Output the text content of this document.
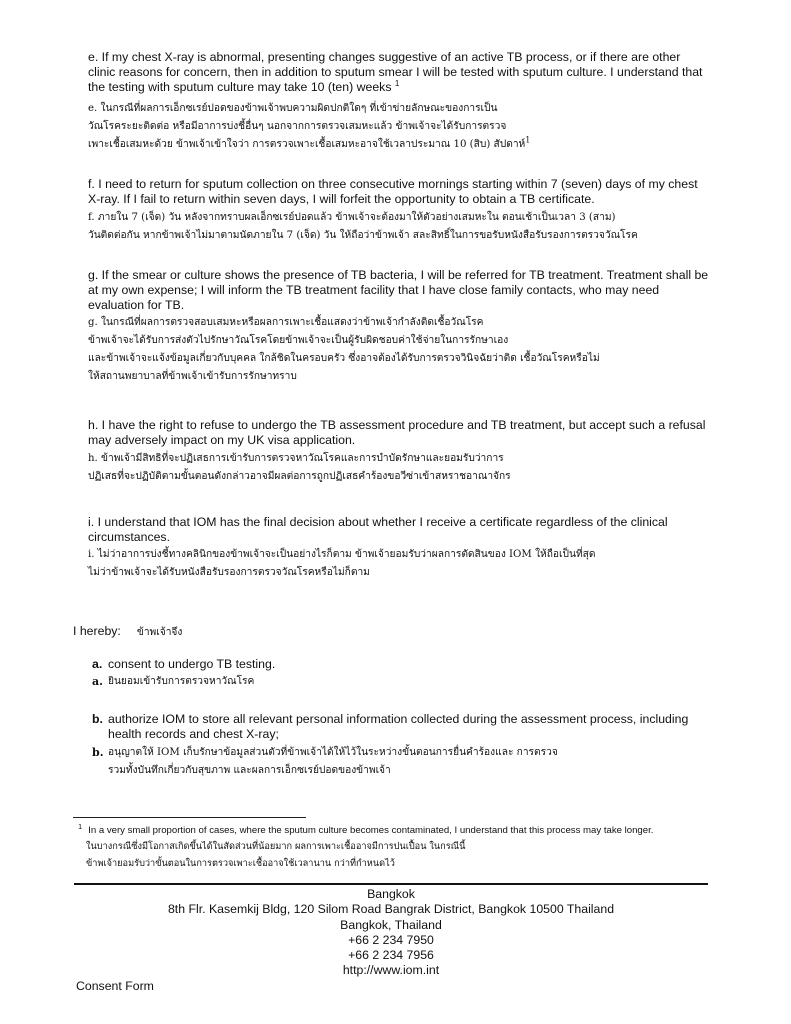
e. If my chest X-ray is abnormal, presenting changes suggestive of an active TB process, or if there are other clinic reasons for concern, then in addition to sputum smear I will be tested with sputum culture. I understand that the testing with sputum culture may take 10 (ten) weeks $^1$
e. ในกรณีที่ผลการเอ็กซเรย์ปอดของข้าพเจ้าพบความผิดปกติใดๆ ที่เข้าข่ายลักษณะของการเป็น
วัณโรคระยะติดต่อ หรือมีอาการบ่งชี้อื่นๆ นอกจากการตรวจเสมหะแล้ว ข้าพเจ้าจะได้รับการตรวจ
เพาะเชื้อเสมหะด้วย ข้าพเจ้าเข้าใจว่า การตรวจเพาะเชื้อเสมหะอาจใช้เวลาประมาณ 10 (สิบ) สัปดาห์$^1$
f. I need to return for sputum collection on three consecutive mornings starting within 7 (seven) days of my chest X-ray. If I fail to return within seven days, I will forfeit the opportunity to obtain a TB certificate.
f. ภายใน 7 (เจ็ด) วัน หลังจากทราบผลเอ็กซเรย์ปอดแล้ว ข้าพเจ้าจะต้องมาให้ตัวอย่างเสมหะใน ตอนเช้าเป็นเวลา 3 (สาม)
วันติดต่อกัน หากข้าพเจ้าไม่มาตามนัดภายใน 7 (เจ็ด) วัน ให้ถือว่าข้าพเจ้า สละสิทธิ์ในการขอรับหนังสือรับรองการตรวจวัณโรค
g. If the smear or culture shows the presence of TB bacteria, I will be referred for TB treatment. Treatment shall be at my own expense; I will inform the TB treatment facility that I have close family contacts, who may need evaluation for TB.
g. ในกรณีที่ผลการตรวจสอบเสมหะหรือผลการเพาะเชื้อแสดงว่าข้าพเจ้ากำลังติดเชื้อวัณโรค
ข้าพเจ้าจะได้รับการส่งตัวไปรักษาวัณโรคโดยข้าพเจ้าจะเป็นผู้รับผิดชอบค่าใช้จ่ายในการรักษาเอง
และข้าพเจ้าจะแจ้งข้อมูลเกี่ยวกับบุคคล ใกล้ชิดในครอบครัว ซึ่งอาจต้องได้รับการตรวจวินิจฉัยว่าติด เชื้อวัณโรคหรือไม่
ให้สถานพยาบาลที่ข้าพเจ้าเข้ารับการรักษาทราบ
h. I have the right to refuse to undergo the TB assessment procedure and TB treatment, but accept such a refusal may adversely impact on my UK visa application.
h. ข้าพเจ้ามีสิทธิที่จะปฏิเสธการเข้ารับการตรวจหาวัณโรคและการบำบัดรักษาและยอมรับว่าการ
ปฏิเสธที่จะปฏิบัติตามขั้นตอนดังกล่าวอาจมีผลต่อการถูกปฏิเสธคำร้องขอวีซ่าเข้าสหราชอาณาจักร
i. I understand that IOM has the final decision about whether I receive a certificate regardless of the clinical circumstances.
i. ไม่ว่าอาการบ่งชี้ทางคลินิกของข้าพเจ้าจะเป็นอย่างไรก็ตาม ข้าพเจ้ายอมรับว่าผลการตัดสินของ IOM ให้ถือเป็นที่สุด
ไม่ว่าข้าพเจ้าจะได้รับหนังสือรับรองการตรวจวัณโรคหรือไม่ก็ตาม
I hereby: ข้าพเจ้าจึง
a. consent to undergo TB testing.
a. ยินยอมเข้ารับการตรวจหาวัณโรค
b. authorize IOM to store all relevant personal information collected during the assessment process, including health records and chest X-ray;
b. อนุญาตให้ IOM เก็บรักษาข้อมูลส่วนตัวที่ข้าพเจ้าได้ให้ไว้ในระหว่างขั้นตอนการยื่นคำร้องและ การตรวจ
รวมทั้งบันทึกเกี่ยวกับสุขภาพ และผลการเอ็กซเรย์ปอดของข้าพเจ้า
$^1$ In a very small proportion of cases, where the sputum culture becomes contaminated, I understand that this process may take longer.
ในบางกรณีซึ่งมีโอกาสเกิดขึ้นได้ในสัดส่วนที่น้อยมาก ผลการเพาะเชื้ออาจมีการปนเปื้อน ในกรณีนี้
ข้าพเจ้ายอมรับว่าขั้นตอนในการตรวจเพาะเชื้ออาจใช้เวลานาน กว่าที่กำหนดไว้
Bangkok
8th Flr. Kasemkij Bldg, 120 Silom Road Bangrak District, Bangkok 10500 Thailand
Bangkok, Thailand
+66 2 234 7950
+66 2 234 7956
http://www.iom.int
Consent Form
